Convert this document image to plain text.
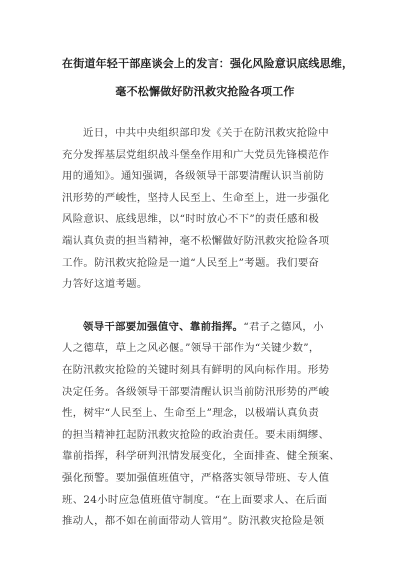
在街道年轻干部座谈会上的发言：强化风险意识底线思维，

毫不松懈做好防汛救灾抢险各项工作

近日，中共中央组织部印发《关于在防汛救灾抢险中
充分发挥基层党组织战斗堡垒作用和广大党员先锋模范作
用的通知》。通知强调，各级领导干部要清醒认识当前防
汛形势的严峻性，坚持人民至上、生命至上，进一步强化
风险意识、底线思维，以“时时放心不下”的责任感和极
端认真负责的担当精神，毫不松懈做好防汛救灾抢险各项
工作。防汛救灾抢险是一道“人民至上”考题。我们要奋
力答好这道考题。

领导干部要加强值守、靠前指挥。“君子之德风，小
人之德草，草上之风必偃。”领导干部作为“关键少数”，
在防汛救灾抢险的关键时刻具有鲜明的风向标作用。形势
决定任务。各级领导干部要清醒认识当前防汛形势的严峻
性，树牢“人民至上、生命至上”理念，以极端认真负责
的担当精神扛起防汛救灾抢险的政治责任。要未雨绸缪、
靠前指挥，科学研判汛情发展变化，全面排查、健全预案、
强化预警。要加强值班值守，严格落实领导带班、专人值
班、24小时应急值班值守制度。“在上面要求人、在后面
推动人，都不如在前面带动人管用”。防汛救灾抢险是领
